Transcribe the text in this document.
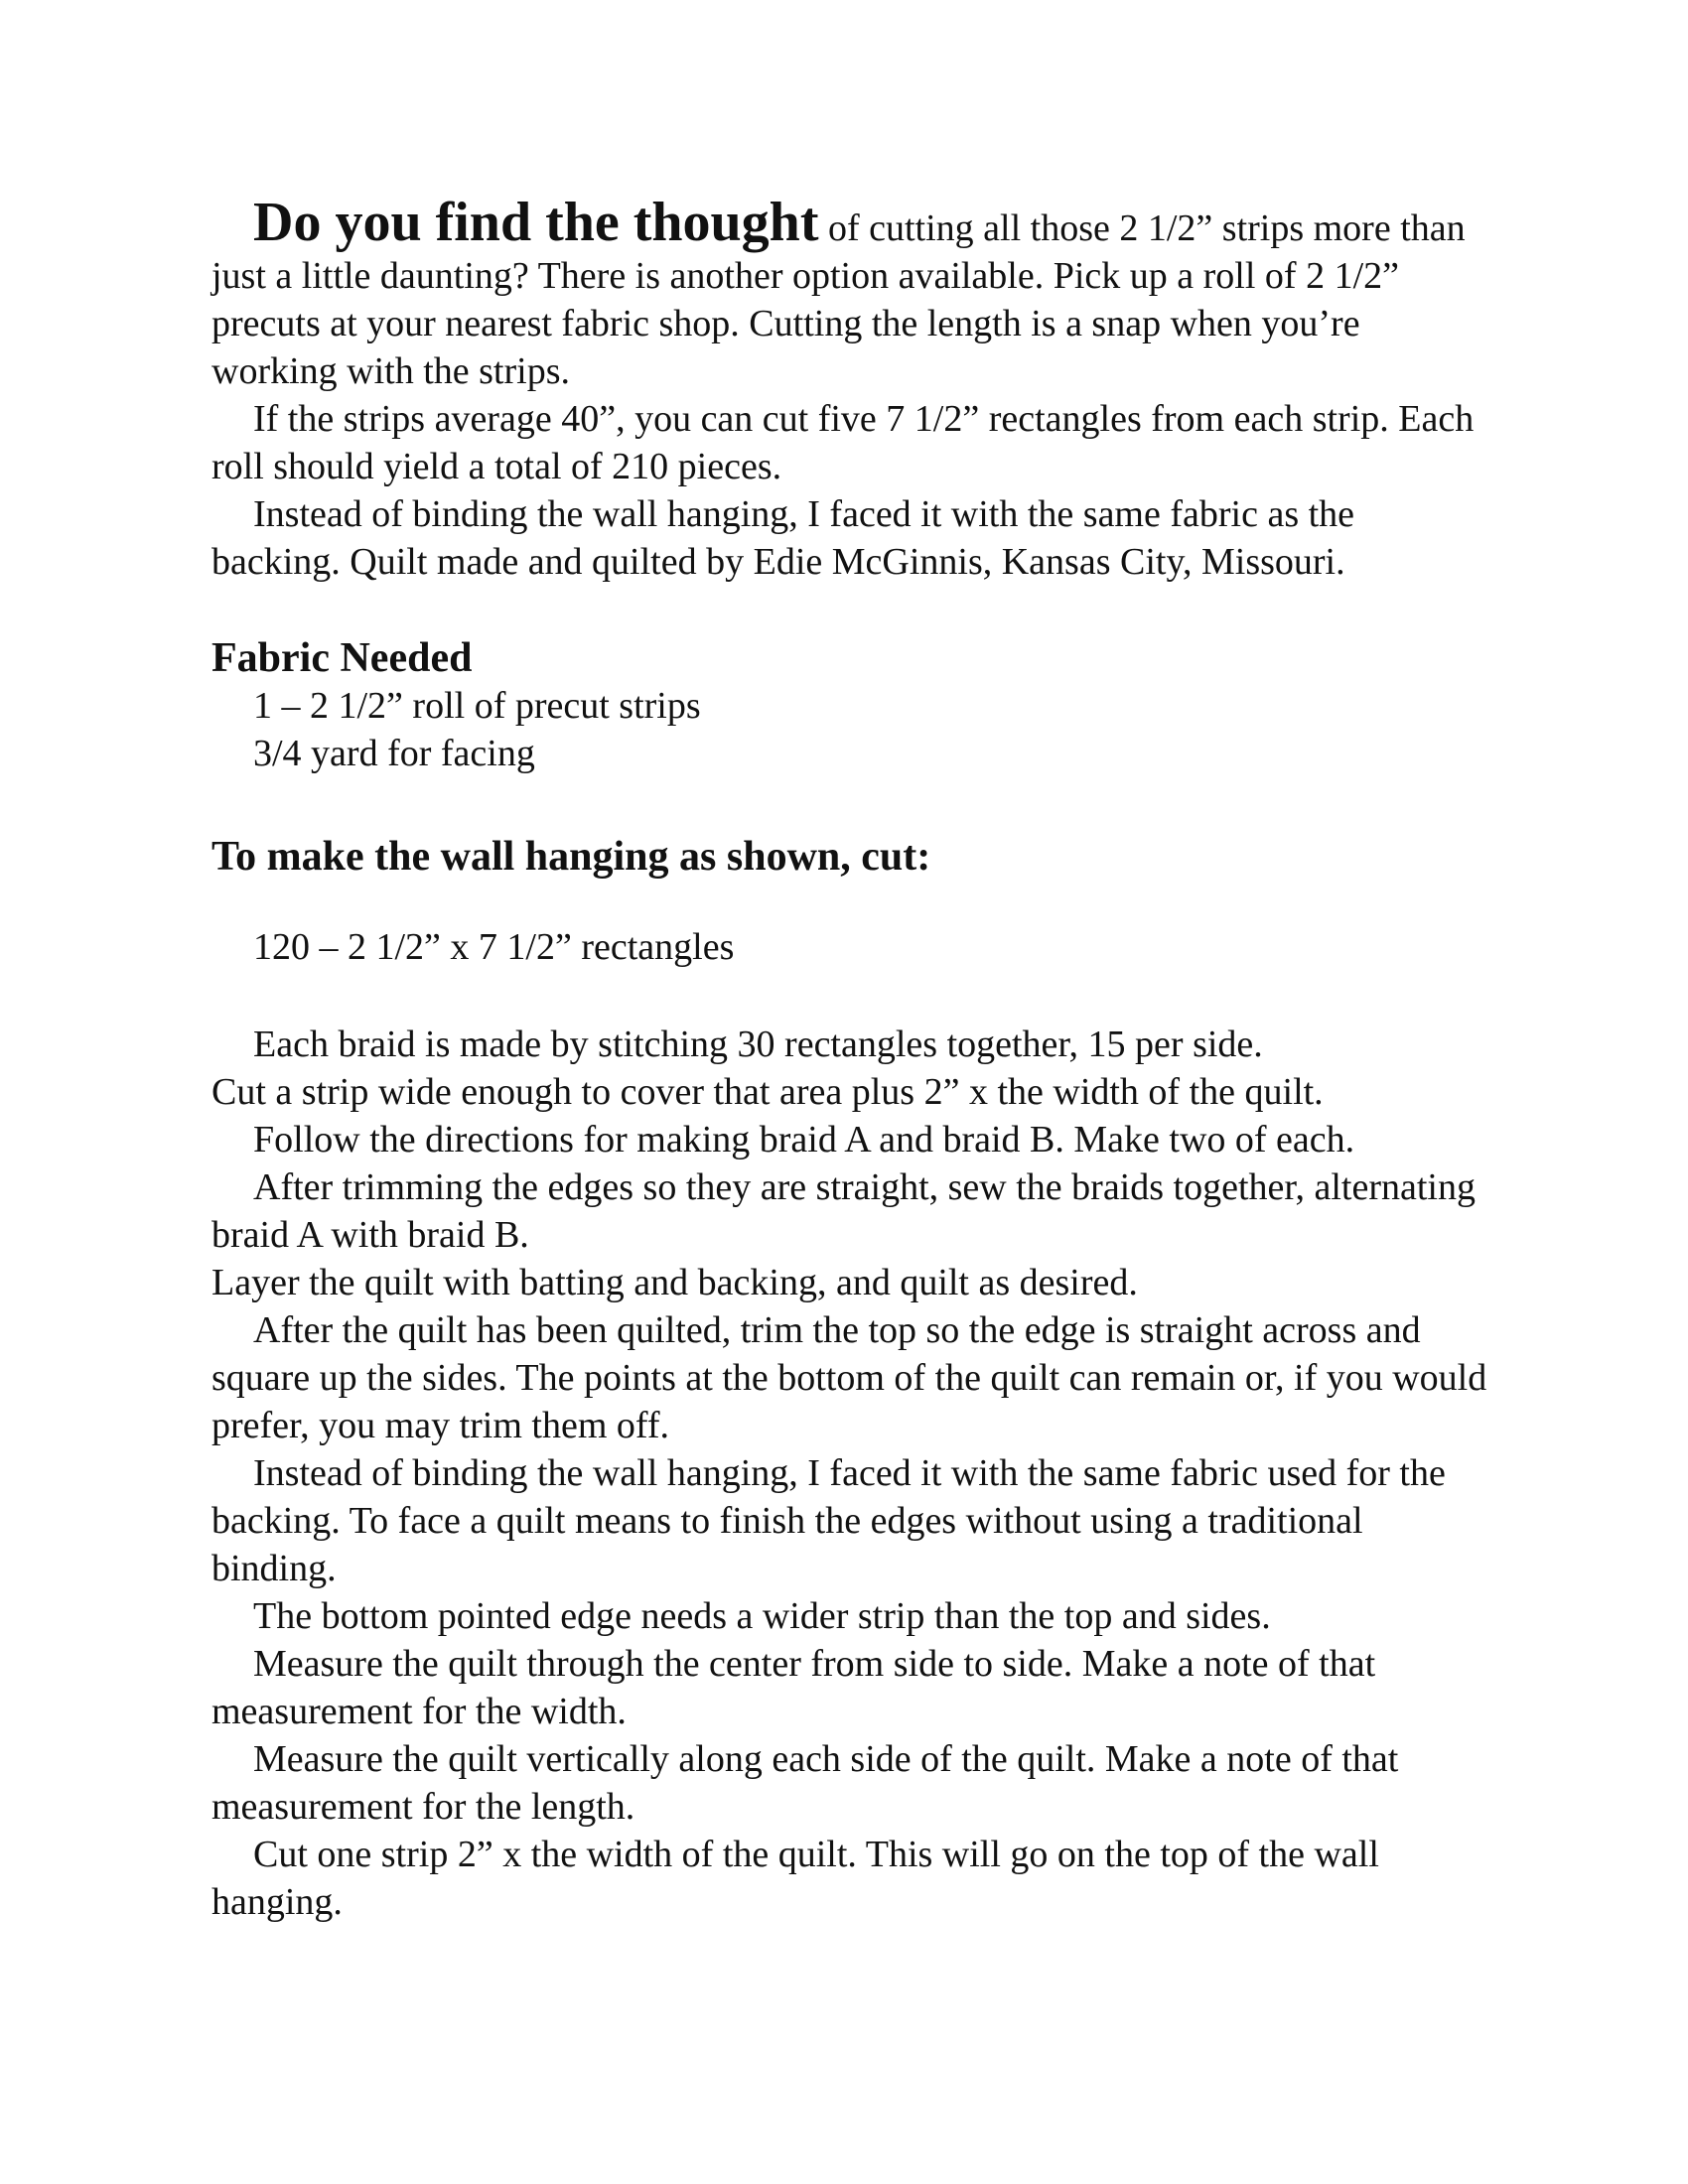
Do you find the thought of cutting all those 2 1/2” strips more than just a little daunting? There is another option available. Pick up a roll of 2 1/2” precuts at your nearest fabric shop. Cutting the length is a snap when you’re working with the strips.

If the strips average 40”, you can cut five 7 1/2” rectangles from each strip. Each roll should yield a total of 210 pieces.

Instead of binding the wall hanging, I faced it with the same fabric as the backing. Quilt made and quilted by Edie McGinnis, Kansas City, Missouri.

Fabric Needed
1 – 2 1/2” roll of precut strips
3/4 yard for facing
To make the wall hanging as shown, cut:
120 – 2 1/2” x 7 1/2” rectangles

Each braid is made by stitching 30 rectangles together, 15 per side.

Cut a strip wide enough to cover that area plus 2” x the width of the quilt.

Follow the directions for making braid A and braid B. Make two of each.

After trimming the edges so they are straight, sew the braids together, alternating braid A with braid B.

Layer the quilt with batting and backing, and quilt as desired.

After the quilt has been quilted, trim the top so the edge is straight across and square up the sides. The points at the bottom of the quilt can remain or, if you would prefer, you may trim them off.

Instead of binding the wall hanging, I faced it with the same fabric used for the backing. To face a quilt means to finish the edges without using a traditional binding.

The bottom pointed edge needs a wider strip than the top and sides.

Measure the quilt through the center from side to side. Make a note of that measurement for the width.

Measure the quilt vertically along each side of the quilt. Make a note of that measurement for the length.

Cut one strip 2” x the width of the quilt. This will go on the top of the wall hanging.
